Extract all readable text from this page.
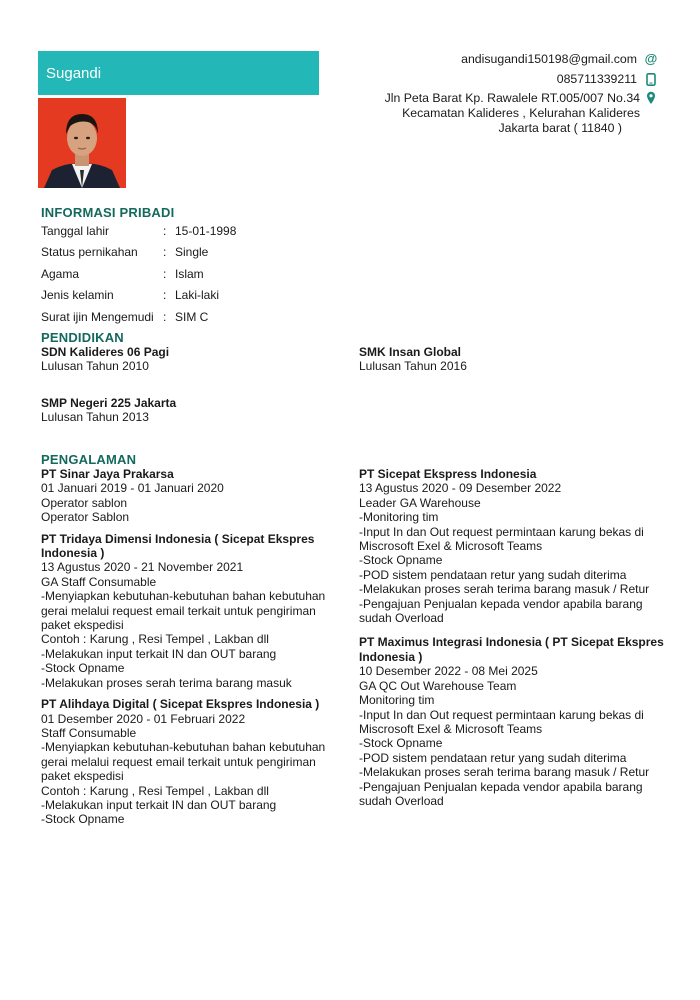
Sugandi
andisugandi150198@gmail.com @
085711339211
Jln Peta Barat Kp. Rawalele RT.005/007 No.34
Kecamatan Kalideres , Kelurahan Kalideres
Jakarta barat ( 11840 )
INFORMASI PRIBADI
Tanggal lahir	: 15-01-1998
Status pernikahan	: Single
Agama	: Islam
Jenis kelamin	: Laki-laki
Surat ijin Mengemudi : SIM C
PENDIDIKAN
SDN Kalideres 06 Pagi
Lulusan Tahun 2010
SMP Negeri 225 Jakarta
Lulusan Tahun 2013
SMK Insan Global
Lulusan Tahun 2016
PENGALAMAN
PT Sinar Jaya Prakarsa
01 Januari 2019 - 01 Januari 2020
Operator sablon
Operator Sablon
PT Tridaya Dimensi Indonesia ( Sicepat Ekspres Indonesia )
13 Agustus 2020 - 21 November 2021
GA Staff Consumable
-Menyiapkan kebutuhan-kebutuhan bahan kebutuhan gerai melalui request email terkait untuk pengiriman paket ekspedisi
Contoh : Karung , Resi Tempel , Lakban dll
-Melakukan input terkait IN dan OUT barang
-Stock Opname
-Melakukan proses serah terima barang masuk
PT Alihdaya Digital ( Sicepat Ekspres Indonesia )
01 Desember 2020 - 01 Februari 2022
Staff Consumable
-Menyiapkan kebutuhan-kebutuhan bahan kebutuhan gerai melalui request email terkait untuk pengiriman paket ekspedisi
Contoh : Karung , Resi Tempel , Lakban dll
-Melakukan input terkait IN dan OUT barang
-Stock Opname
PT Sicepat Ekspress Indonesia
13 Agustus 2020 - 09 Desember 2022
Leader GA Warehouse
-Monitoring tim
-Input In dan Out request permintaan karung bekas di Miscrosoft Exel & Microsoft Teams
-Stock Opname
-POD sistem pendataan retur yang sudah diterima
-Melakukan proses serah terima barang masuk / Retur
-Pengajuan Penjualan kepada vendor apabila barang sudah Overload
PT Maximus Integrasi Indonesia ( PT Sicepat Ekspres Indonesia )
10 Desember 2022 - 08 Mei 2025
GA QC Out Warehouse Team
Monitoring tim
-Input In dan Out request permintaan karung bekas di Miscrosoft Exel & Microsoft Teams
-Stock Opname
-POD sistem pendataan retur yang sudah diterima
-Melakukan proses serah terima barang masuk / Retur
-Pengajuan Penjualan kepada vendor apabila barang sudah Overload
